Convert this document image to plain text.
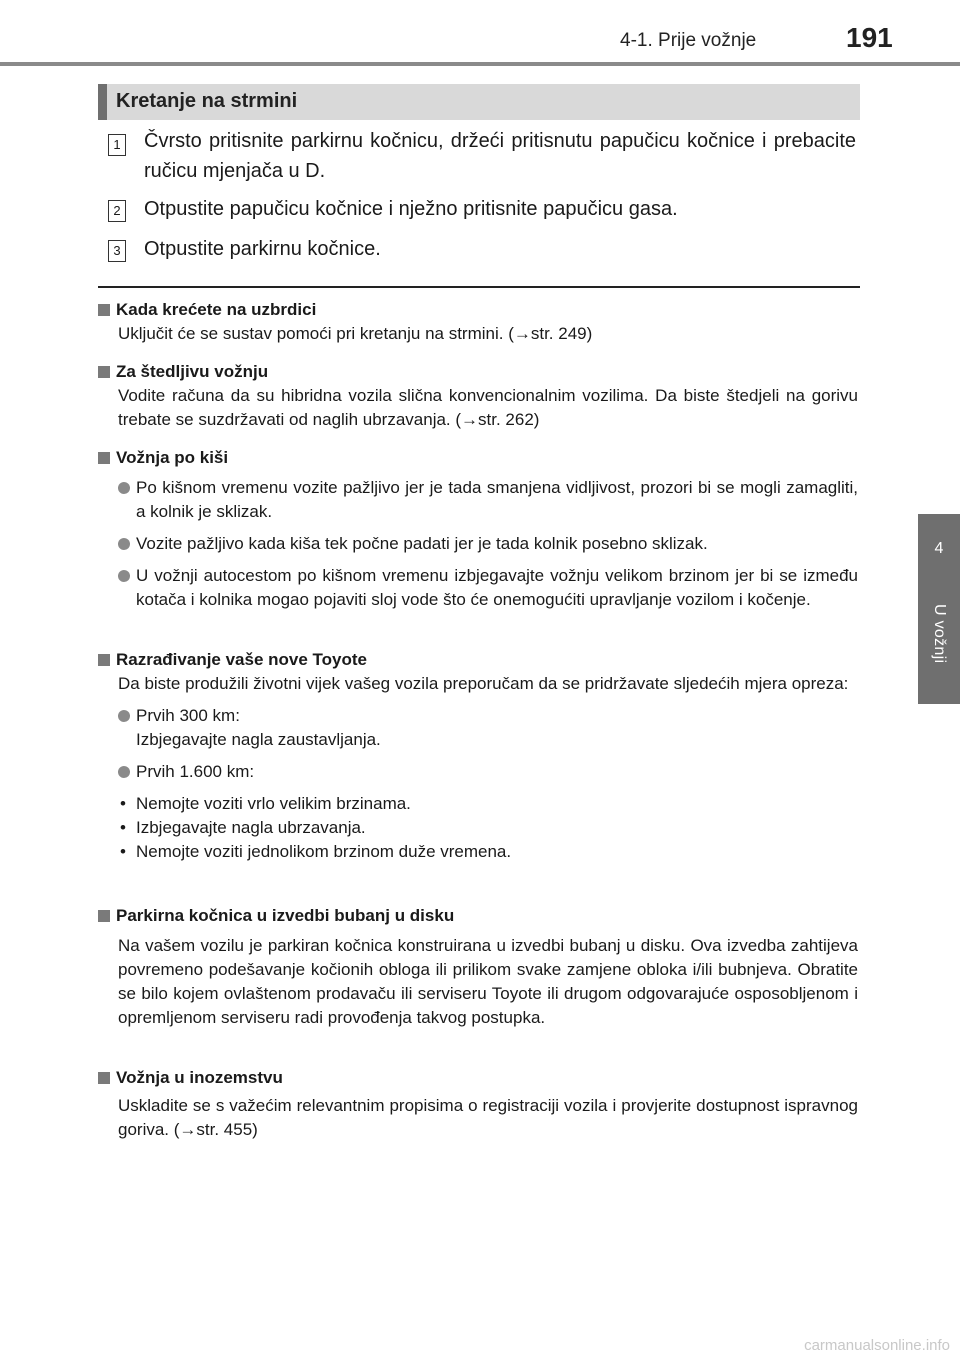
4-1. Prije vožnje	191
4
U vožnji
Kretanje na strmini
1 Čvrsto pritisnite parkirnu kočnicu, držeći pritisnutu papučicu kočnice i prebacite ručicu mjenjača u D.
2 Otpustite papučicu kočnice i nježno pritisnite papučicu gasa.
3 Otpustite parkirnu kočnice.
Kada krećete na uzbrdici
Uključit će se sustav pomoći pri kretanju na strmini. (→str. 249)
Za štedljivu vožnju
Vodite računa da su hibridna vozila slična konvencionalnim vozilima. Da biste štedjeli na gorivu trebate se suzdržavati od naglih ubrzavanja. (→str. 262)
Vožnja po kiši
Po kišnom vremenu vozite pažljivo jer je tada smanjena vidljivost, prozori bi se mogli zamagliti, a kolnik je sklizak.
Vozite pažljivo kada kiša tek počne padati jer je tada kolnik posebno sklizak.
U vožnji autocestom po kišnom vremenu izbjegavajte vožnju velikom brzinom jer bi se između kotača i kolnika mogao pojaviti sloj vode što će onemogućiti upravljanje vozilom i kočenje.
Razrađivanje vaše nove Toyote
Da biste produžili životni vijek vašeg vozila preporučam da se pridržavate sljedećih mjera opreza:
Prvih 300 km:
Izbjegavajte nagla zaustavljanja.
Prvih 1.600 km:
• Nemojte voziti vrlo velikim brzinama.
• Izbjegavajte nagla ubrzavanja.
• Nemojte voziti jednolikom brzinom duže vremena.
Parkirna kočnica u izvedbi bubanj u disku
Na vašem vozilu je parkiran kočnica konstruirana u izvedbi bubanj u disku. Ova izvedba zahtijeva povremeno podešavanje kočionih obloga ili prilikom svake zamjene obloka i/ili bubnjeva. Obratite se bilo kojem ovlaštenom prodavaču ili serviseru Toyote ili drugom odgovarajuće osposobljenom i opremljenom serviseru radi provođenja takvog postupka.
Vožnja u inozemstvu
Uskladite se s važećim relevantnim propisima o registraciji vozila i provjerite dostupnost ispravnog goriva. (→str. 455)
carmanualsonline.info
